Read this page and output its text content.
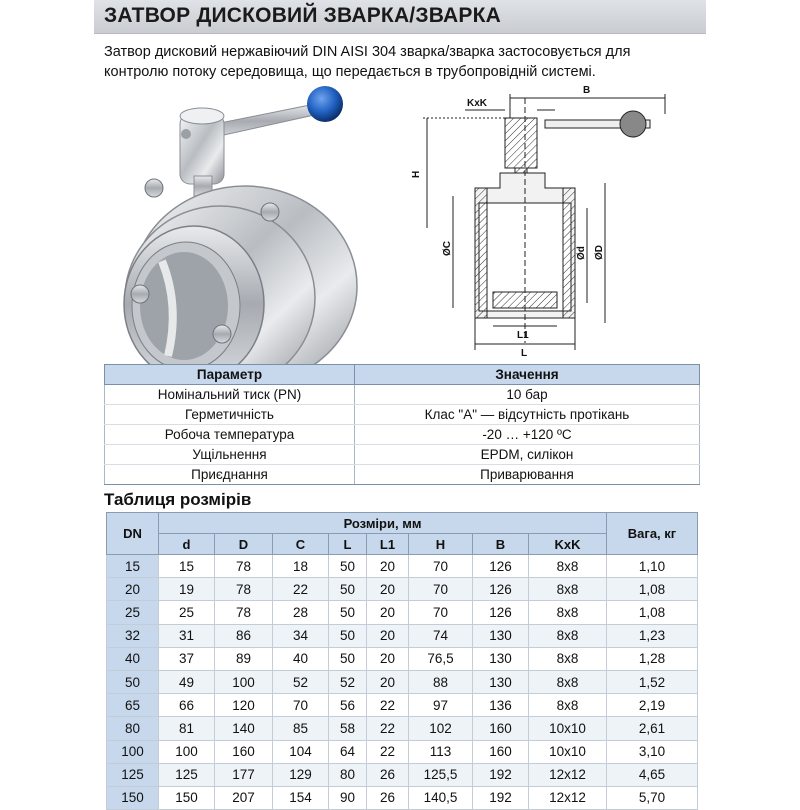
ЗАТВОР ДИСКОВИЙ ЗВАРКА/ЗВАРКА
Затвор дисковий нержавіючий DIN AISI 304 зварка/зварка застосовується для
контролю потоку середовища, що передається в трубопровідній системі.
KxK
B
H
ØC	Ød ØD
L1
L
Параметр	Значення
Номінальний тиск (PN)	10 бар
Герметичність	Клас "А" — відсутність протікань
Робоча температура	-20 … +120 ºС
Ущільнення	EPDM, силікон
Приєднання	Приварювання
Таблиця розмірів
DN	Розміри, мм								Вага, кг
	d	D	C	L	L1	H	B	KxK	
15	15	78	18	50	20	70	126	8x8	1,10
20	19	78	22	50	20	70	126	8x8	1,08
25	25	78	28	50	20	70	126	8x8	1,08
32	31	86	34	50	20	74	130	8x8	1,23
40	37	89	40	50	20	76,5	130	8x8	1,28
50	49	100	52	52	20	88	130	8x8	1,52
65	66	120	70	56	22	97	136	8x8	2,19
80	81	140	85	58	22	102	160	10x10	2,61
100	100	160	104	64	22	113	160	10x10	3,10
125	125	177	129	80	26	125,5	192	12x12	4,65
150	150	207	154	90	26	140,5	192	12x12	5,70
